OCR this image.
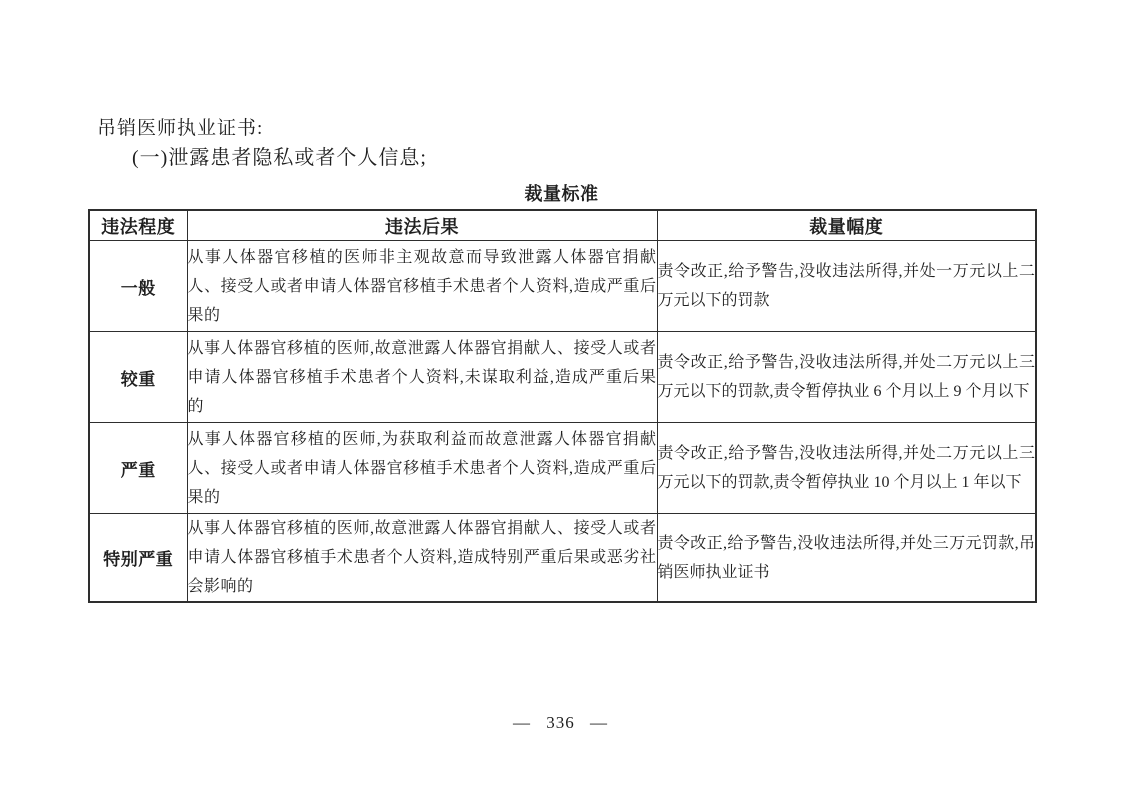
吊销医师执业证书:
(一)泄露患者隐私或者个人信息;
裁量标准
违法程度	违法后果	裁量幅度
一般	从事人体器官移植的医师非主观故意而导致泄露人体器官捐献人、接受人或者申请人体器官移植手术患者个人资料,造成严重后果的	责令改正,给予警告,没收违法所得,并处一万元以上二万元以下的罚款
较重	从事人体器官移植的医师,故意泄露人体器官捐献人、接受人或者申请人体器官移植手术患者个人资料,未谋取利益,造成严重后果的	责令改正,给予警告,没收违法所得,并处二万元以上三万元以下的罚款,责令暂停执业 6 个月以上 9 个月以下
严重	从事人体器官移植的医师,为获取利益而故意泄露人体器官捐献人、接受人或者申请人体器官移植手术患者个人资料,造成严重后果的	责令改正,给予警告,没收违法所得,并处二万元以上三万元以下的罚款,责令暂停执业 10 个月以上 1 年以下
特别严重	从事人体器官移植的医师,故意泄露人体器官捐献人、接受人或者申请人体器官移植手术患者个人资料,造成特别严重后果或恶劣社会影响的	责令改正,给予警告,没收违法所得,并处三万元罚款,吊销医师执业证书
— 336 —
